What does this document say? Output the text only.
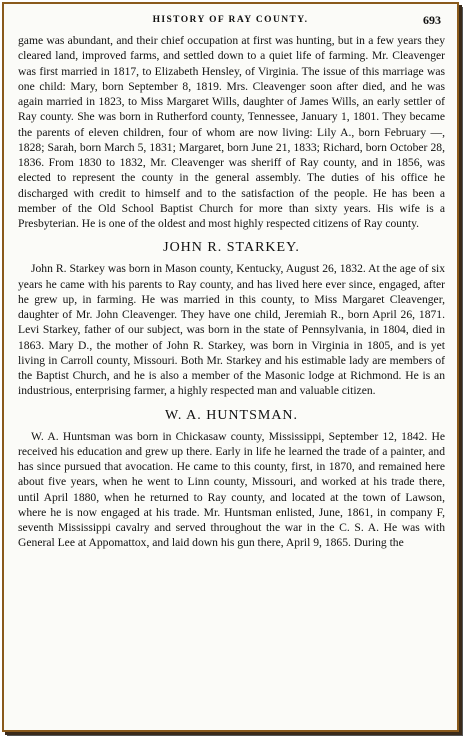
HISTORY OF RAY COUNTY.	693

game was abundant, and their chief occupation at first was hunting, but in a few years they cleared land, improved farms, and settled down to a quiet life of farming. Mr. Cleavenger was first married in 1817, to Elizabeth Hensley, of Virginia. The issue of this marriage was one child: Mary, born September 8, 1819. Mrs. Cleavenger soon after died, and he was again married in 1823, to Miss Margaret Wills, daughter of James Wills, an early settler of Ray county. She was born in Rutherford county, Tennessee, January 1, 1801. They became the parents of eleven children, four of whom are now living: Lily A., born February —, 1828; Sarah, born March 5, 1831; Margaret, born June 21, 1833; Richard, born October 28, 1836. From 1830 to 1832, Mr. Cleavenger was sheriff of Ray county, and in 1856, was elected to represent the county in the general assembly. The duties of his office he discharged with credit to himself and to the satisfaction of the people. He has been a member of the Old School Baptist Church for more than sixty years. His wife is a Presbyterian. He is one of the oldest and most highly respected citizens of Ray county.

JOHN R. STARKEY.

John R. Starkey was born in Mason county, Kentucky, August 26, 1832. At the age of six years he came with his parents to Ray county, and has lived here ever since, engaged, after he grew up, in farming. He was married in this county, to Miss Margaret Cleavenger, daughter of Mr. John Cleavenger. They have one child, Jeremiah R., born April 26, 1871. Levi Starkey, father of our subject, was born in the state of Pennsylvania, in 1804, died in 1863. Mary D., the mother of John R. Starkey, was born in Virginia in 1805, and is yet living in Carroll county, Missouri. Both Mr. Starkey and his estimable lady are members of the Baptist Church, and he is also a member of the Masonic lodge at Richmond. He is an industrious, enterprising farmer, a highly respected man and valuable citizen.

W. A. HUNTSMAN.

W. A. Huntsman was born in Chickasaw county, Mississippi, September 12, 1842. He received his education and grew up there. Early in life he learned the trade of a painter, and has since pursued that avocation. He came to this county, first, in 1870, and remained here about five years, when he went to Linn county, Missouri, and worked at his trade there, until April 1880, when he returned to Ray county, and located at the town of Lawson, where he is now engaged at his trade. Mr. Huntsman enlisted, June, 1861, in company F, seventh Mississippi cavalry and served throughout the war in the C. S. A. He was with General Lee at Appomattox, and laid down his gun there, April 9, 1865. During the
